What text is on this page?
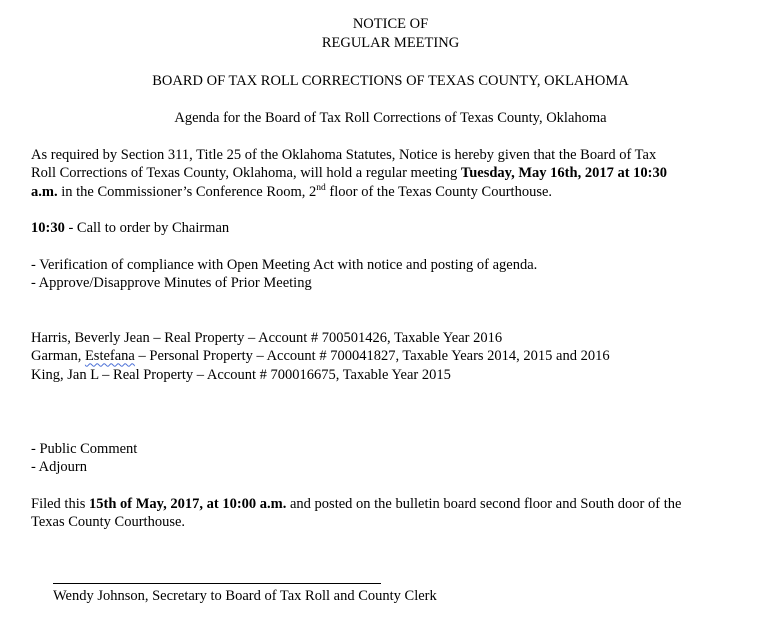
NOTICE OF
REGULAR MEETING
BOARD OF TAX ROLL CORRECTIONS OF TEXAS COUNTY, OKLAHOMA
Agenda for the Board of Tax Roll Corrections of Texas County, Oklahoma
As required by Section 311, Title 25 of the Oklahoma Statutes, Notice is hereby given that the Board of Tax
Roll Corrections of Texas County, Oklahoma, will hold a regular meeting Tuesday, May 16th, 2017 at 10:30
a.m. in the Commissioner’s Conference Room, 2nd floor of the Texas County Courthouse.
10:30 - Call to order by Chairman
- Verification of compliance with Open Meeting Act with notice and posting of agenda.
- Approve/Disapprove Minutes of Prior Meeting
Harris, Beverly Jean – Real Property – Account # 700501426, Taxable Year 2016
Garman, Estefana – Personal Property – Account # 700041827, Taxable Years 2014, 2015 and 2016
King, Jan L – Real Property – Account # 700016675, Taxable Year 2015
- Public Comment
- Adjourn
Filed this 15th of May, 2017, at 10:00 a.m. and posted on the bulletin board second floor and South door of the
Texas County Courthouse.
Wendy Johnson, Secretary to Board of Tax Roll and County Clerk
